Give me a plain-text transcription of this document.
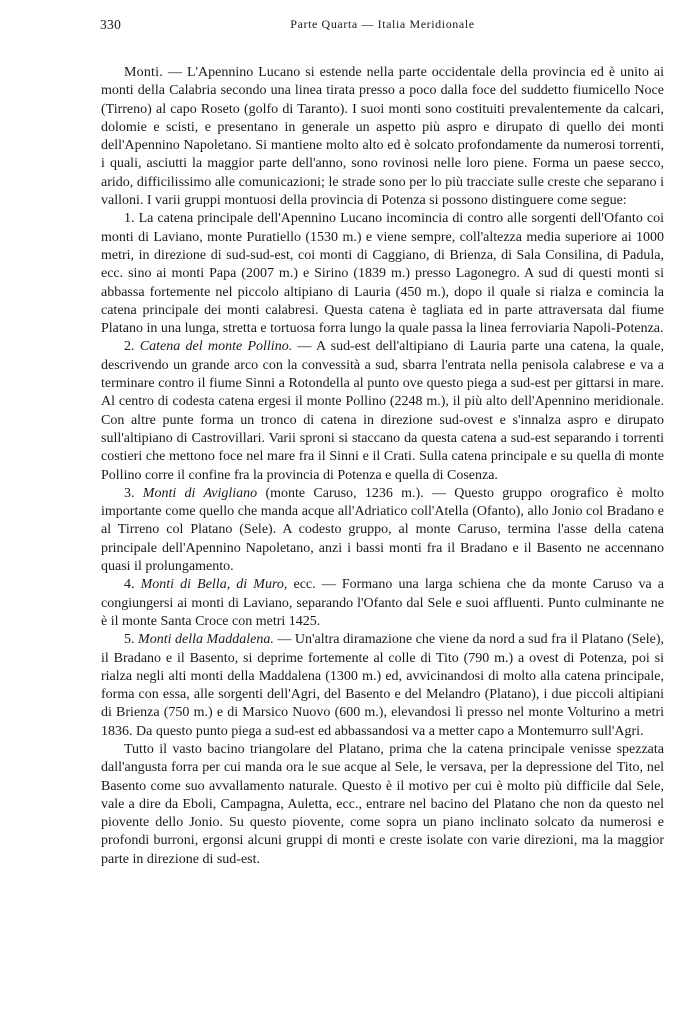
330	Parte Quarta — Italia Meridionale

Monti. — L'Apennino Lucano si estende nella parte occidentale della provincia ed è unito ai monti della Calabria secondo una linea tirata presso a poco dalla foce del suddetto fiumicello Noce (Tirreno) al capo Roseto (golfo di Taranto). I suoi monti sono costituiti prevalentemente da calcari, dolomie e scisti, e presentano in generale un aspetto più aspro e dirupato di quello dei monti dell'Apennino Napoletano. Si mantiene molto alto ed è solcato profondamente da numerosi torrenti, i quali, asciutti la maggior parte dell'anno, sono rovinosi nelle loro piene. Forma un paese secco, arido, difficilissimo alle comunicazioni; le strade sono per lo più tracciate sulle creste che separano i valloni. I varii gruppi montuosi della provincia di Potenza si possono distinguere come segue:

1. La catena principale dell'Apennino Lucano incomincia di contro alle sorgenti dell'Ofanto coi monti di Laviano, monte Puratiello (1530 m.) e viene sempre, coll'altezza media superiore ai 1000 metri, in direzione di sud-sud-est, coi monti di Caggiano, di Brienza, di Sala Consilina, di Padula, ecc. sino ai monti Papa (2007 m.) e Sirino (1839 m.) presso Lagonegro. A sud di questi monti si abbassa fortemente nel piccolo altipiano di Lauria (450 m.), dopo il quale si rialza e comincia la catena principale dei monti calabresi. Questa catena è tagliata ed in parte attraversata dal fiume Platano in una lunga, stretta e tortuosa forra lungo la quale passa la linea ferroviaria Napoli-Potenza.

2. Catena del monte Pollino. — A sud-est dell'altipiano di Lauria parte una catena, la quale, descrivendo un grande arco con la convessità a sud, sbarra l'entrata nella penisola calabrese e va a terminare contro il fiume Sinni a Rotondella al punto ove questo piega a sud-est per gittarsi in mare. Al centro di codesta catena ergesi il monte Pollino (2248 m.), il più alto dell'Apennino meridionale. Con altre punte forma un tronco di catena in direzione sud-ovest e s'innalza aspro e dirupato sull'altipiano di Castrovillari. Varii sproni si staccano da questa catena a sud-est separando i torrenti costieri che mettono foce nel mare fra il Sinni e il Crati. Sulla catena principale e su quella di monte Pollino corre il confine fra la provincia di Potenza e quella di Cosenza.

3. Monti di Avigliano (monte Caruso, 1236 m.). — Questo gruppo orografico è molto importante come quello che manda acque all'Adriatico coll'Atella (Ofanto), allo Jonio col Bradano e al Tirreno col Platano (Sele). A codesto gruppo, al monte Caruso, termina l'asse della catena principale dell'Apennino Napoletano, anzi i bassi monti fra il Bradano e il Basento ne accennano quasi il prolungamento.

4. Monti di Bella, di Muro, ecc. — Formano una larga schiena che da monte Caruso va a congiungersi ai monti di Laviano, separando l'Ofanto dal Sele e suoi affluenti. Punto culminante ne è il monte Santa Croce con metri 1425.

5. Monti della Maddalena. — Un'altra diramazione che viene da nord a sud fra il Platano (Sele), il Bradano e il Basento, si deprime fortemente al colle di Tito (790 m.) a ovest di Potenza, poi si rialza negli alti monti della Maddalena (1300 m.) ed, avvicinandosi di molto alla catena principale, forma con essa, alle sorgenti dell'Agri, del Basento e del Melandro (Platano), i due piccoli altipiani di Brienza (750 m.) e di Marsico Nuovo (600 m.), elevandosi lì presso nel monte Volturino a metri 1836. Da questo punto piega a sud-est ed abbassandosi va a metter capo a Montemurro sull'Agri.

Tutto il vasto bacino triangolare del Platano, prima che la catena principale venisse spezzata dall'angusta forra per cui manda ora le sue acque al Sele, le versava, per la depressione del Tito, nel Basento come suo avvallamento naturale. Questo è il motivo per cui è molto più difficile dal Sele, vale a dire da Eboli, Campagna, Auletta, ecc., entrare nel bacino del Platano che non da questo nel piovente dello Jonio. Su questo piovente, come sopra un piano inclinato solcato da numerosi e profondi burroni, ergonsi alcuni gruppi di monti e creste isolate con varie direzioni, ma la maggior parte in direzione di sud-est.
